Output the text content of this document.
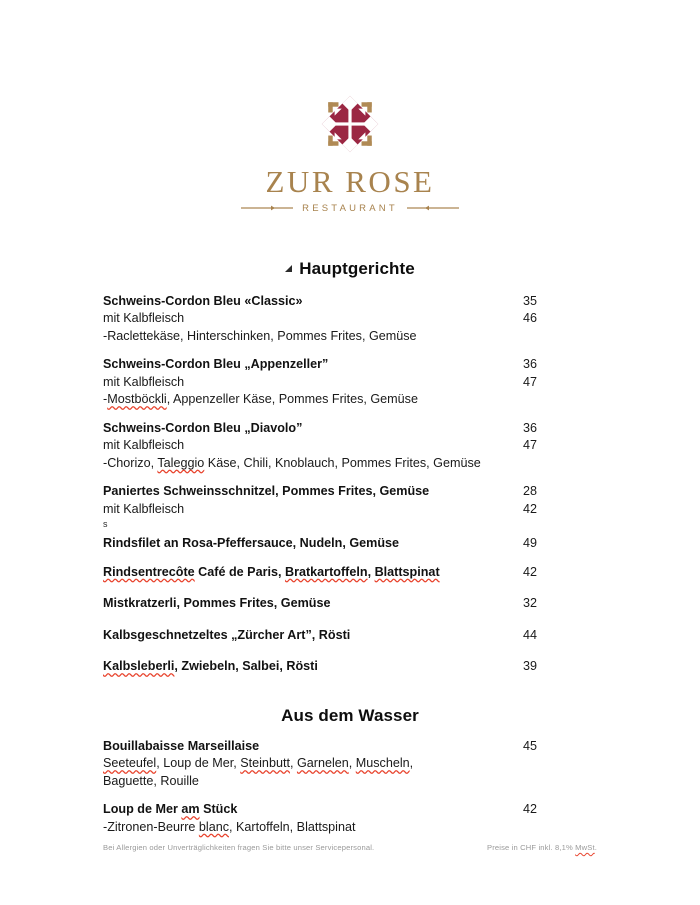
ZUR ROSE
RESTAURANT
Hauptgerichte
Schweins-Cordon Bleu «Classic»	35
mit Kalbfleisch	46
-Raclettekäse, Hinterschinken, Pommes Frites, Gemüse
Schweins-Cordon Bleu „Appenzeller”	36
mit Kalbfleisch	47
-Mostböckli, Appenzeller Käse, Pommes Frites, Gemüse
Schweins-Cordon Bleu „Diavolo”	36
mit Kalbfleisch	47
-Chorizo, Taleggio Käse, Chili, Knoblauch, Pommes Frites, Gemüse
Paniertes Schweinsschnitzel, Pommes Frites, Gemüse	28
mit Kalbfleisch	42
s
Rindsfilet an Rosa-Pfeffersauce, Nudeln, Gemüse	49
Rindsentrecôte Café de Paris, Bratkartoffeln, Blattspinat	42
Mistkratzerli, Pommes Frites, Gemüse	32
Kalbsgeschnetzeltes „Zürcher Art”, Rösti	44
Kalbsleberli, Zwiebeln, Salbei, Rösti	39
Aus dem Wasser
Bouillabaisse Marseillaise	45
Seeteufel, Loup de Mer, Steinbutt, Garnelen, Muscheln,
Baguette, Rouille
Loup de Mer am Stück	42
-Zitronen-Beurre blanc, Kartoffeln, Blattspinat
Bei Allergien oder Unverträglichkeiten fragen Sie bitte unser Servicepersonal.	Preise in CHF inkl. 8,1% MwSt.
